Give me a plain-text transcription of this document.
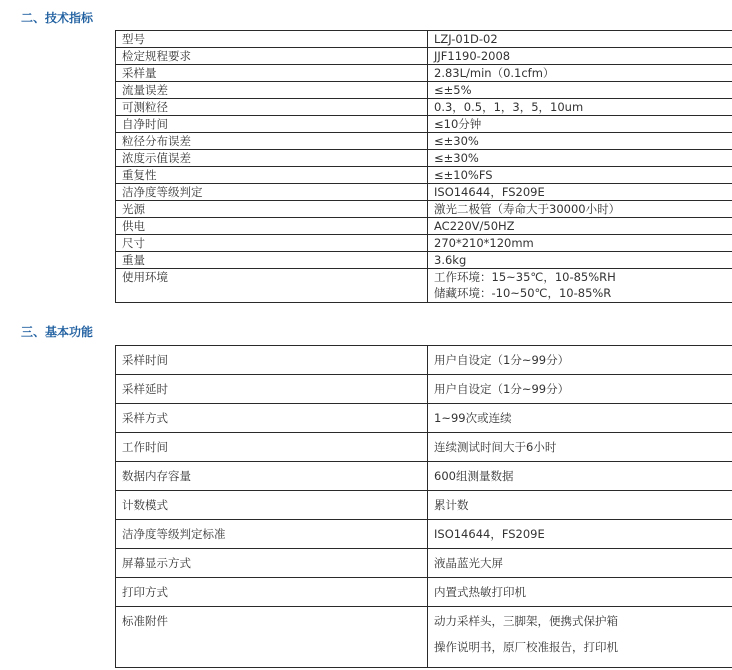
二、技术指标
型号	LZJ-01D-02
检定规程要求	JJF1190-2008
采样量	2.83L/min（0.1cfm）
流量误差	≤±5%
可测粒径	0.3，0.5，1，3，5，10um
自净时间	≤10分钟
粒径分布误差	≤±30%
浓度示值误差	≤±30%
重复性	≤±10%FS
洁净度等级判定	ISO14644，FS209E
光源	激光二极管（寿命大于30000小时）
供电	AC220V/50HZ
尺寸	270*210*120mm
重量	3.6kg
使用环境	工作环境：15~35℃，10-85%RH
储藏环境：-10~50℃，10-85%R
三、基本功能
采样时间	用户自设定（1分~99分）
采样延时	用户自设定（1分~99分）
采样方式	1~99次或连续
工作时间	连续测试时间大于6小时
数据内存容量	600组测量数据
计数模式	累计数
洁净度等级判定标准	ISO14644，FS209E
屏幕显示方式	液晶蓝光大屏
打印方式	内置式热敏打印机
标准附件	动力采样头，三脚架，便携式保护箱
操作说明书，原厂校准报告，打印机
